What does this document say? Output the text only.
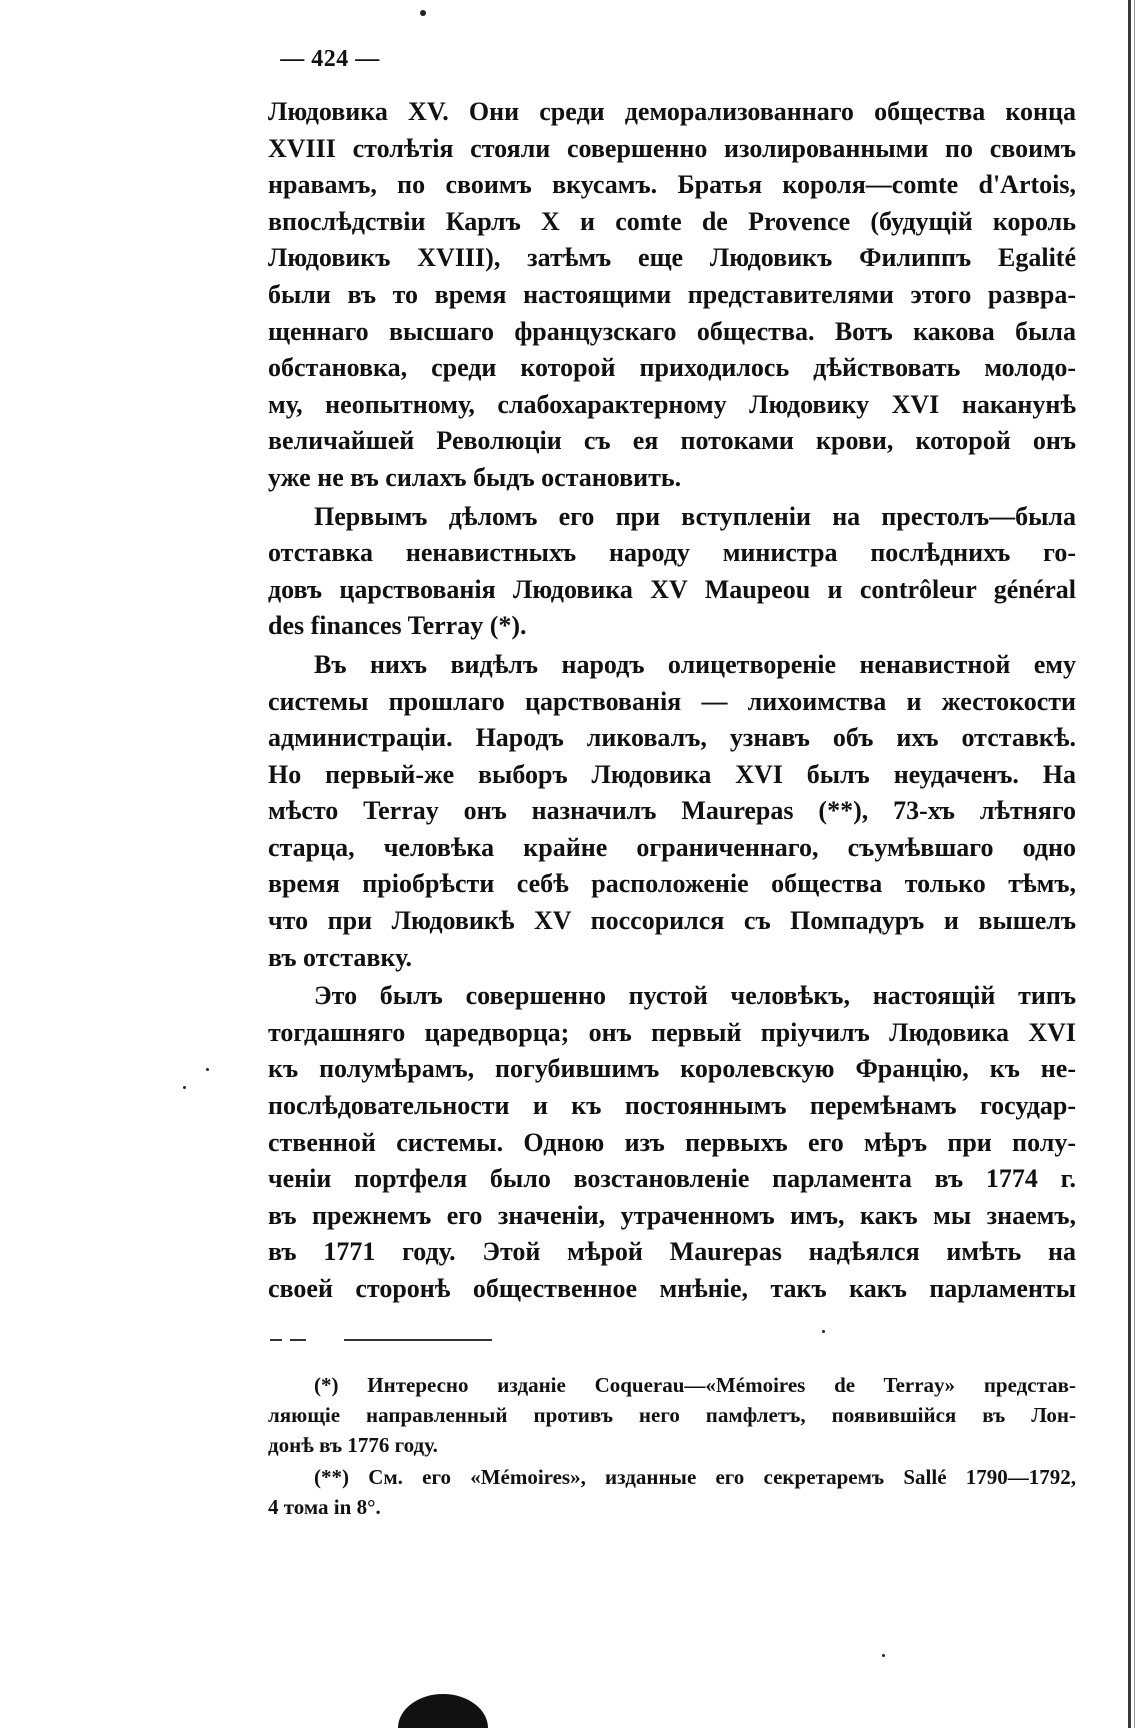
— 424 —
Людовика XV. Они среди деморализованнаго общества конца
XVIII столѣтія стояли совершенно изолированными по своимъ
нравамъ, по своимъ вкусамъ. Братья короля—comte d'Artois,
впослѣдствіи Карлъ X и comte de Provence (будущій король
Людовикъ XVIII), затѣмъ еще Людовикъ Филиппъ Egalité
были въ то время настоящими представителями этого развра-
щеннаго высшаго французскаго общества. Вотъ какова была
обстановка, среди которой приходилось дѣйствовать молодо-
му, неопытному, слабохарактерному Людовику XVI наканунѣ
величайшей Революціи съ ея потоками крови, которой онъ
уже не въ силахъ быдъ остановить.
Первымъ дѣломъ его при вступленіи на престолъ—была
отставка ненавистныхъ народу министра послѣднихъ го-
довъ царствованія Людовика XV Maupeou и contrôleur général
des finances Terray (*).
Въ нихъ видѣлъ народъ олицетвореніе ненавистной ему
системы прошлаго царствованія — лихоимства и жестокости
администраціи. Народъ ликовалъ, узнавъ объ ихъ отставкѣ.
Но первый-же выборъ Людовика XVI былъ неудаченъ. На
мѣсто Terray онъ назначилъ Maurepas (**), 73-хъ лѣтняго
старца, человѣка крайне ограниченнаго, съумѣвшаго одно
время пріобрѣсти себѣ расположеніе общества только тѣмъ,
что при Людовикѣ XV поссорился съ Помпадуръ и вышелъ
въ отставку.
Это былъ совершенно пустой человѣкъ, настоящій типъ
тогдашняго царедворца; онъ первый пріучилъ Людовика XVI
къ полумѣрамъ, погубившимъ королевскую Францію, къ не-
послѣдовательности и къ постояннымъ перемѣнамъ государ-
ственной системы. Одною изъ первыхъ его мѣръ при полу-
ченіи портфеля было возстановленіе парламента въ 1774 г.
въ прежнемъ его значеніи, утраченномъ имъ, какъ мы знаемъ,
въ 1771 году. Этой мѣрой Maurepas надѣялся имѣть на
своей сторонѣ общественное мнѣніе, такъ какъ парламенты
(*) Интересно изданіе Coquerau—«Mémoires de Terray» представ-
ляющіе направленный противъ него памфлетъ, появившійся въ Лон-
донѣ въ 1776 году.
(**) См. его «Mémoires», изданные его секретаремъ Sallé 1790—1792,
4 тома in 8°.
